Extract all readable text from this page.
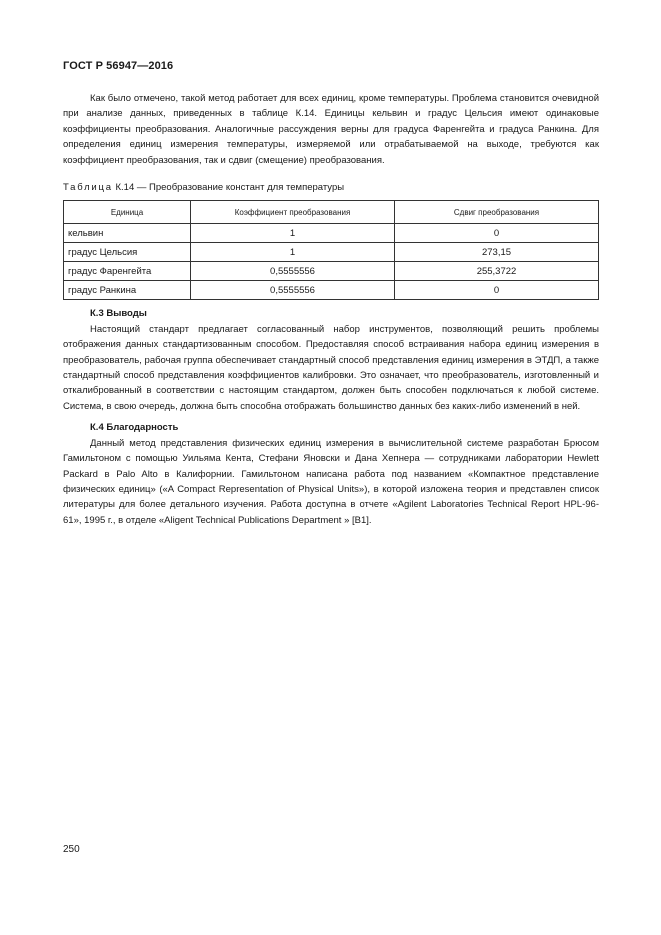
ГОСТ Р 56947—2016

Как было отмечено, такой метод работает для всех единиц, кроме температуры. Проблема становится очевидной при анализе данных, приведенных в таблице К.14. Единицы кельвин и градус Цельсия имеют одинаковые коэффициенты преобразования. Аналогичные рассуждения верны для градуса Фаренгейта и градуса Ранкина. Для определения единиц измерения температуры, измеряемой или отрабатываемой на выходе, требуются как коэффициент преобразования, так и сдвиг (смещение) преобразования.

Таблица К.14 — Преобразование констант для температуры
Единица	Коэффициент преобразования	Сдвиг преобразования
кельвин	1	0
градус Цельсия	1	273,15
градус Фаренгейта	0,5555556	255,3722
градус Ранкина	0,5555556	0
К.3 Выводы

Настоящий стандарт предлагает согласованный набор инструментов, позволяющий решить проблемы отображения данных стандартизованным способом. Предоставляя способ встраивания набора единиц измерения в преобразователь, рабочая группа обеспечивает стандартный способ представления единиц измерения в ЭТДП, а также стандартный способ представления коэффициентов калибровки. Это означает, что преобразователь, изготовленный и откалиброванный в соответствии с настоящим стандартом, должен быть способен подключаться к любой системе. Система, в свою очередь, должна быть способна отображать большинство данных без каких-либо изменений в ней.

К.4 Благодарность

Данный метод представления физических единиц измерения в вычислительной системе разработан Брюсом Гамильтоном с помощью Уильяма Кента, Стефани Яновски и Дана Хепнера — сотрудниками лаборатории Hewlett Packard в Palo Alto в Калифорнии. Гамильтоном написана работа под названием «Компактное представление физических единиц» («A Compact Representation of Physical Units»), в которой изложена теория и представлен список литературы для более детального изучения. Работа доступна в отчете «Agilent Laboratories Technical Report HPL-96-61», 1995 г., в отделе «Aligent Technical Publications Department » [B1].

250
